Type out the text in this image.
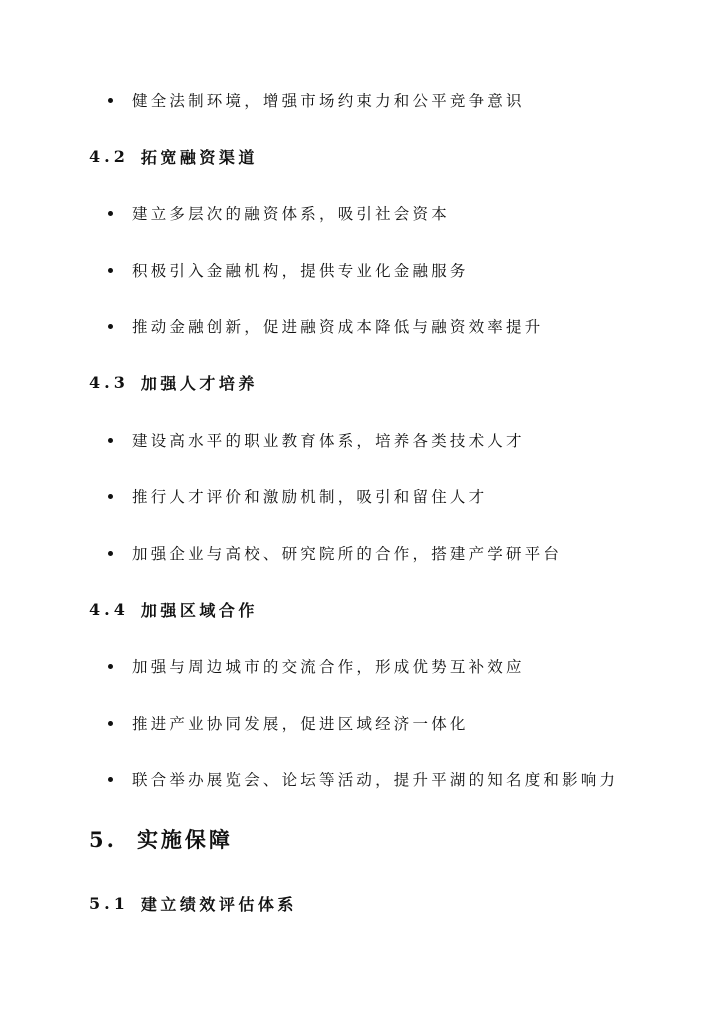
健全法制环境，增强市场约束力和公平竞争意识
4.2 拓宽融资渠道
建立多层次的融资体系，吸引社会资本
积极引入金融机构，提供专业化金融服务
推动金融创新，促进融资成本降低与融资效率提升
4.3 加强人才培养
建设高水平的职业教育体系，培养各类技术人才
推行人才评价和激励机制，吸引和留住人才
加强企业与高校、研究院所的合作，搭建产学研平台
4.4 加强区域合作
加强与周边城市的交流合作，形成优势互补效应
推进产业协同发展，促进区域经济一体化
联合举办展览会、论坛等活动，提升平湖的知名度和影响力
5. 实施保障
5.1 建立绩效评估体系
